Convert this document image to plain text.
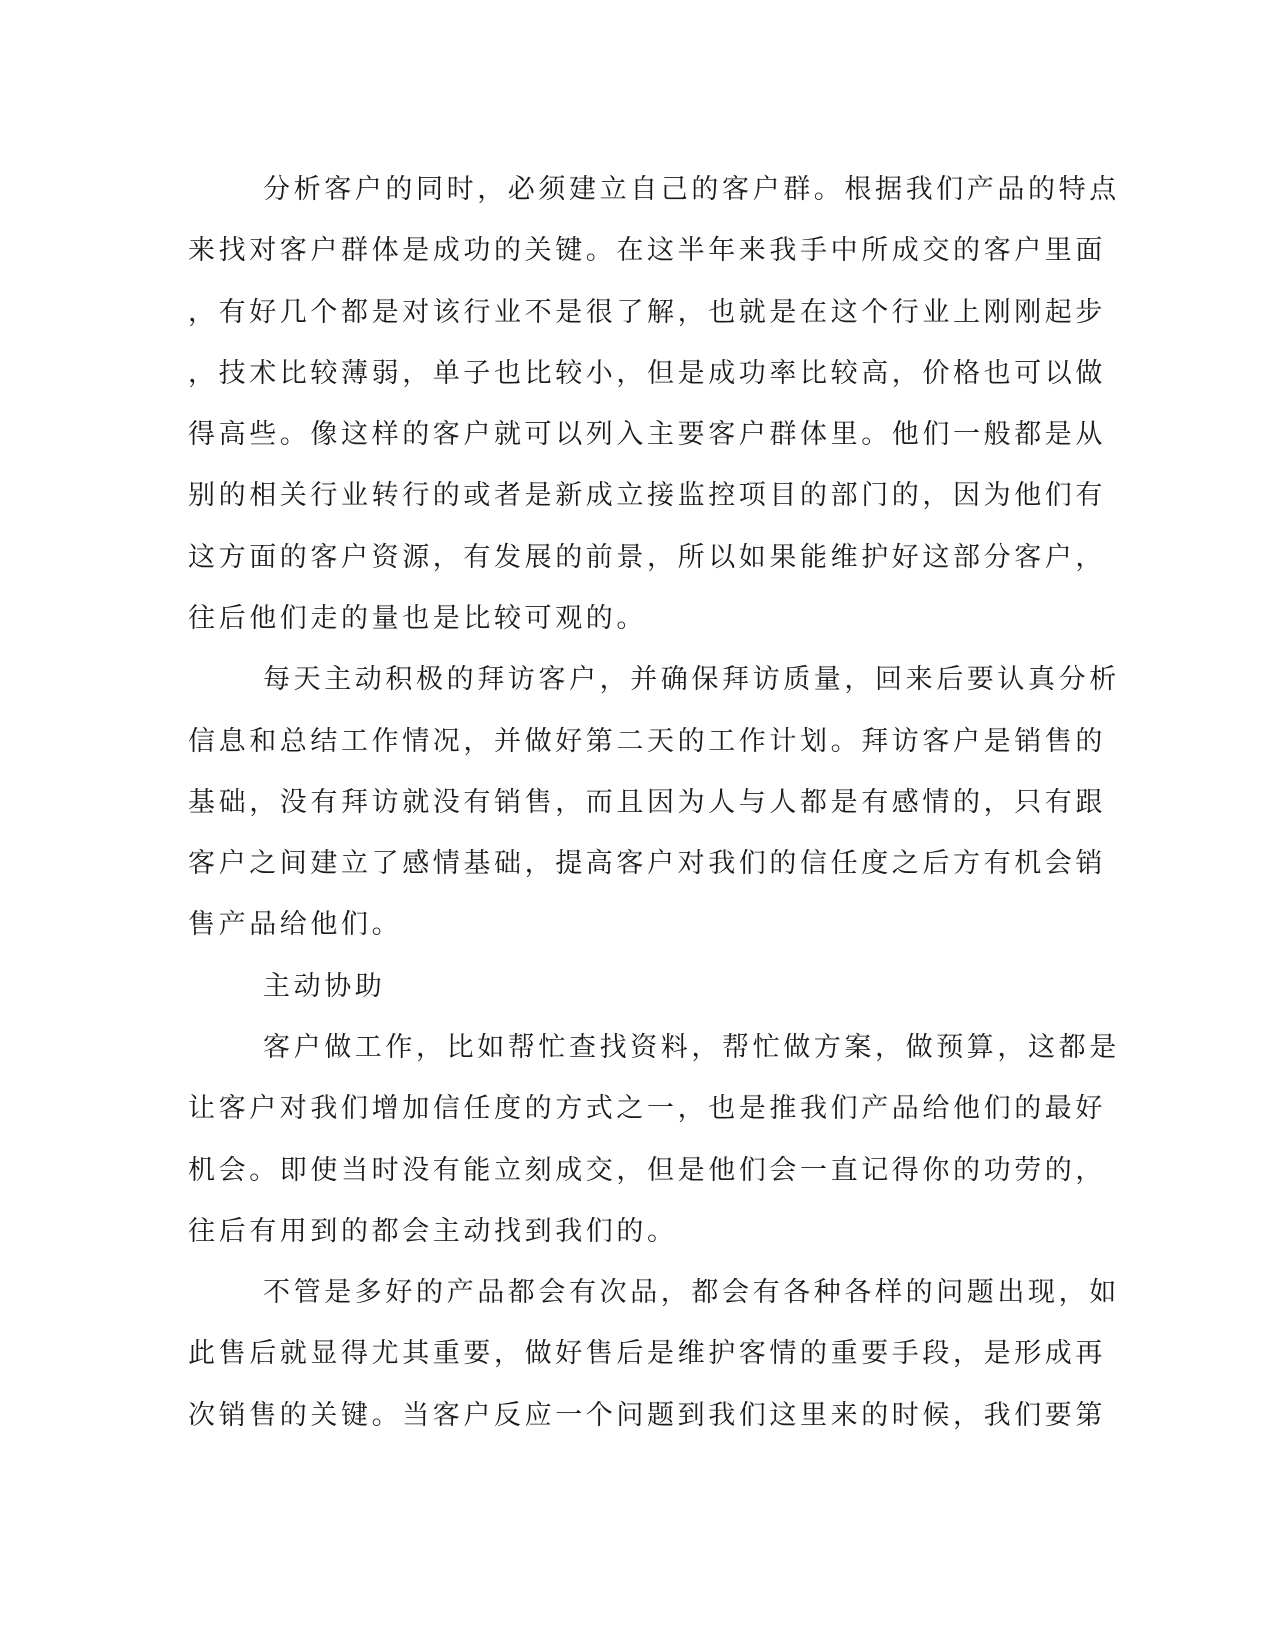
分析客户的同时，必须建立自己的客户群。根据我们产品的特点
来找对客户群体是成功的关键。在这半年来我手中所成交的客户里面
，有好几个都是对该行业不是很了解，也就是在这个行业上刚刚起步
，技术比较薄弱，单子也比较小，但是成功率比较高，价格也可以做
得高些。像这样的客户就可以列入主要客户群体里。他们一般都是从
别的相关行业转行的或者是新成立接监控项目的部门的，因为他们有
这方面的客户资源，有发展的前景，所以如果能维护好这部分客户，
往后他们走的量也是比较可观的。
每天主动积极的拜访客户，并确保拜访质量，回来后要认真分析
信息和总结工作情况，并做好第二天的工作计划。拜访客户是销售的
基础，没有拜访就没有销售，而且因为人与人都是有感情的，只有跟
客户之间建立了感情基础，提高客户对我们的信任度之后方有机会销
售产品给他们。
主动协助
客户做工作，比如帮忙查找资料，帮忙做方案，做预算，这都是
让客户对我们增加信任度的方式之一，也是推我们产品给他们的最好
机会。即使当时没有能立刻成交，但是他们会一直记得你的功劳的，
往后有用到的都会主动找到我们的。
不管是多好的产品都会有次品，都会有各种各样的问题出现，如
此售后就显得尤其重要，做好售后是维护客情的重要手段，是形成再
次销售的关键。当客户反应一个问题到我们这里来的时候，我们要第
